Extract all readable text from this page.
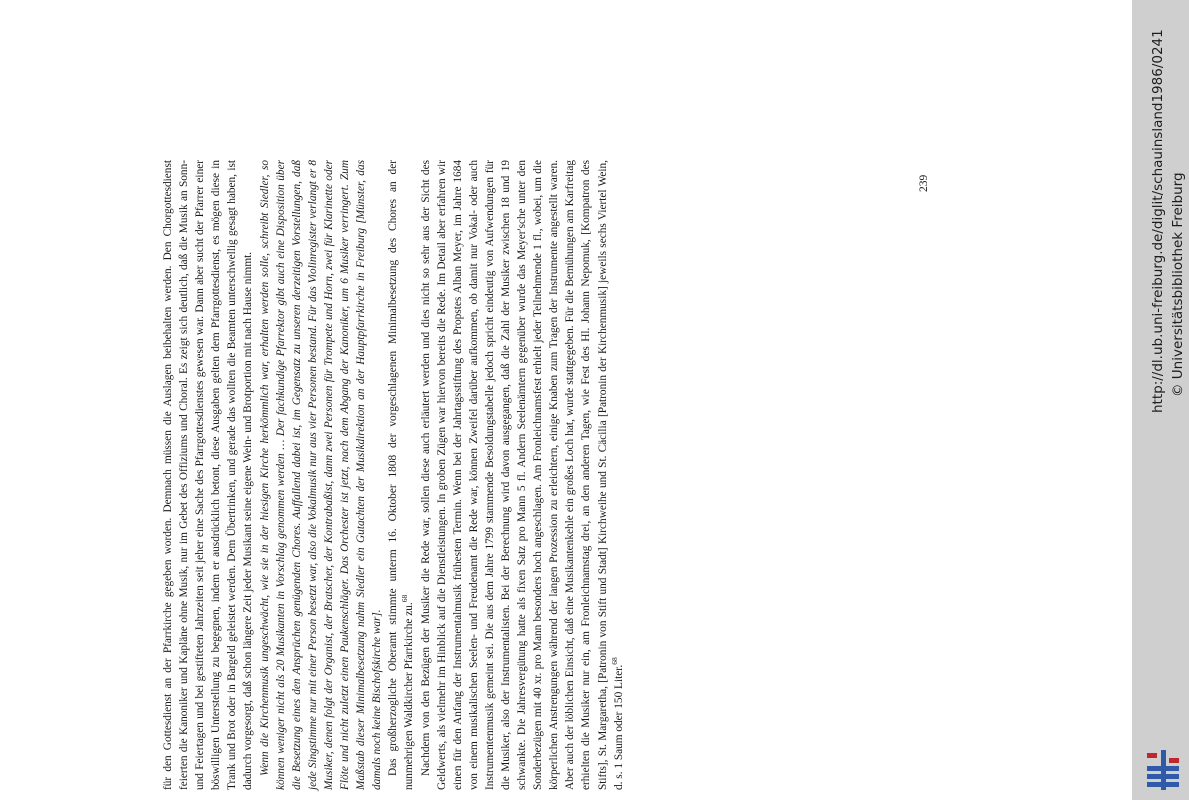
für den Gottesdienst an der Pfarrkirche gegeben worden. Demnach müssen die Auslagen beibehalten werden. Den Chorgottesdienst feierten die Kanoniker und Kapläne ohne Musik, nur im Gebet des Offiziums und Choral. Es zeigt sich deutlich, daß die Musik an Sonn- und Feiertagen und bei gestifteten Jahrzeiten seit jeher eine Sache des Pfarrgottesdienstes gewesen war. Dann aber sucht der Pfarrer einer böswilligen Unterstellung zu begegnen, indem er ausdrücklich betont, diese Ausgaben gelten dem Pfarrgottesdienst, es mögen diese in Trank und Brot oder in Bargeld geleistet werden. Dem Übertrinken, und gerade das wollten die Beamten unterschwellig gesagt haben, ist dadurch vorgesorgt, daß schon längere Zeit jeder Musikant seine eigene Wein- und Brotportion mit nach Hause nimmt. Wenn die Kirchenmusik ungeschwächt, wie sie in der hiesigen Kirche herkömmlich war, erhalten werden solle, schreibt Siedler, so können weniger nicht als 20 Musikanten in Vorschlag genommen werden … Der fachkundige Pfarrektor gibt auch eine Disposition über die Besetzung eines den Ansprüchen genügenden Chores. Auffallend dabei ist, im Gegensatz zu unseren derzeitigen Vorstellungen, daß jede Singstimme nur mit einer Person besetzt war, also die Vokalmusik nur aus vier Personen bestand. Für das Violinregister verlangt er 8 Musiker, denen folgt der Organist, der Bratscher, der Kontrabaßist, dann zwei Personen für Trompete und Horn, zwei für Klarinette oder Flöte und nicht zuletzt einen Paukenschläger. Das Orchester ist jetzt, nach dem Abgang der Kanoniker, um 6 Musiker verringert. Zum Maßstab dieser Minimalbesetzung nahm Siedler ein Gutachten der Musikdirektion an der Hauptpfarrkirche in Freiburg [Münster, das damals noch keine Bischofskirche war]. Das großherzogliche Oberamt stimmte unterm 16. Oktober 1808 der vorgeschlagenen Minimalbesetzung des Chores an der nunmehrigen Waldkircher Pfarrkirche zu.$^{68}$ Nachdem von den Bezügen der Musiker die Rede war, sollen diese auch erläutert werden und dies nicht so sehr aus der Sicht des Geldwerts, als vielmehr im Hinblick auf die Dienstleistungen. In groben Zügen war hiervon bereits die Rede. Im Detail aber erfahren wir einen für den Anfang der Instrumentalmusik frühesten Termin. Wenn bei der Jahrtagsstiftung des Propstes Alban Meyer, im Jahre 1684 von einem musikalischen Seelen- und Freudenamt die Rede war, können Zweifel darüber aufkommen, ob damit nur Vokal- oder auch Instrumentenmusik gemeint sei. Die aus dem Jahre 1799 stammende Besoldungstabelle jedoch spricht eindeutig von Aufwendungen für die Musiker, also der Instrumentalisten. Bei der Berechnung wird davon ausgegangen, daß die Zahl der Musiker zwischen 18 und 19 schwankte. Die Jahresvergütung hatte als fixen Satz pro Mann 5 fl. Andern Seelenämtern gegenüber wurde das Meyer'sche unter den Sonderbezügen mit 40 xr. pro Mann besonders hoch angeschlagen. Am Fronleichnamsfest erhielt jeder Teilnehmende 1 fl., wobei, um die körperlichen Anstrengungen während der langen Prozession zu erleichtern, einige Knaben zum Tragen der Instrumente angestellt waren. Aber auch der löblichen Einsicht, daß eine Musikantenkehle ein großes Loch hat, wurde stattgegeben. Für die Bemühungen am Karfreitag erhielten die Musiker nur ein, am Fronleichnamstag drei, an den anderen Tagen, wie Fest des Hl. Johann Nepomuk, [Kompatron des Stifts], St. Margaretha, [Patronin von Stift und Stadt] Kirchweihe und St. Cäcilia [Patronin der Kirchenmusik] jeweils sechs Viertel Wein, d. s. 1 Saum oder 150 Liter.$^{68}$

239	http://dl.ub.uni-freiburg.de/diglit/schauinsland1986/0241 © Universitätsbibliothek Freiburg
